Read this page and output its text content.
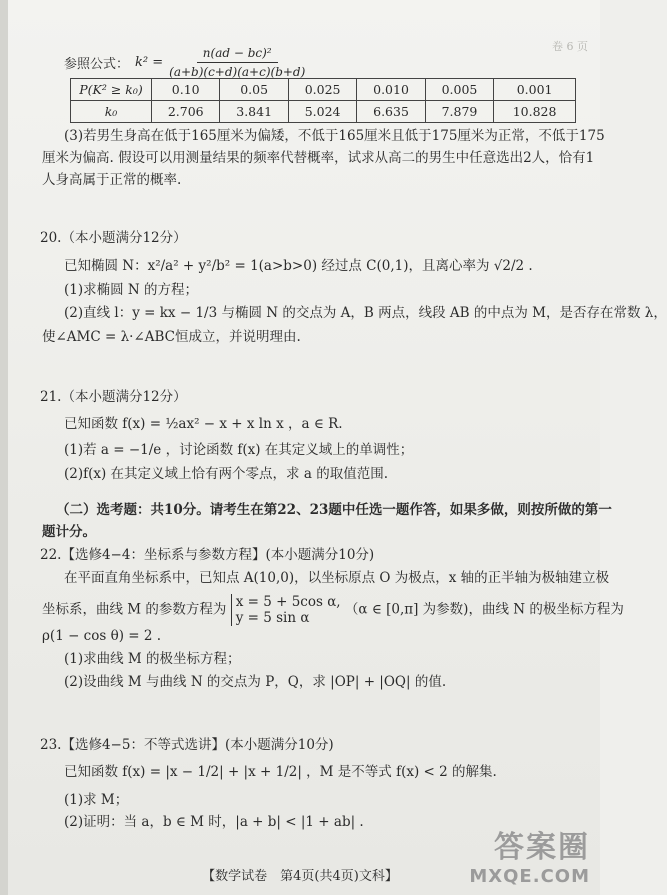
卷 6 页
参照公式： $k^2 = \frac{\text{n(ad − bc)²}}{(a+b)(c+d)(a+c)(b+d)}$
P(K² ≥ k₀)	0.10	0.05	0.025	0.010	0.005	0.001
k₀	2.706	3.841	5.024	6.635	7.879	10.828
(3)若男生身高在低于165厘米为偏矮，不低于165厘米且低于175厘米为正常，不低于175
厘米为偏高. 假设可以用测量结果的频率代替概率，试求从高二的男生中任意选出2人，恰有1
人身高属于正常的概率.
20.（本小题满分12分）
已知椭圆 N：x²/a² + y²/b² = 1(a>b>0) 经过点 C(0,1)，且离心率为 √2/2 .
(1)求椭圆 N 的方程；
(2)直线 l：y = kx − 1/3 与椭圆 N 的交点为 A，B 两点，线段 AB 的中点为 M，是否存在常数 λ，
使∠AMC = λ·∠ABC恒成立，并说明理由.
21.（本小题满分12分）
已知函数 f(x) = ½ax² − x + x ln x ，a ∈ R.
(1)若 a = −1/e ，讨论函数 f(x) 在其定义域上的单调性；
(2)f(x) 在其定义域上恰有两个零点，求 a 的取值范围.
（二）选考题：共10分。请考生在第22、23题中任选一题作答，如果多做，则按所做的第一
题计分。
22.【选修4−4：坐标系与参数方程】(本小题满分10分)
在平面直角坐标系中，已知点 A(10,0)，以坐标原点 O 为极点，x 轴的正半轴为极轴建立极
坐标系，曲线 M 的参数方程为 x = 5 + 5cos α,
y = 5 sin α （α ∈ [0,π] 为参数)，曲线 N 的极坐标方程为
ρ(1 − cos θ) = 2 .
(1)求曲线 M 的极坐标方程；
(2)设曲线 M 与曲线 N 的交点为 P，Q，求 |OP| + |OQ| 的值.
23.【选修4−5：不等式选讲】(本小题满分10分)
已知函数 f(x) = |x − 1/2| + |x + 1/2| ，M 是不等式 f(x) < 2 的解集.
(1)求 M；
(2)证明：当 a，b ∈ M 时，|a + b| < |1 + ab| .
【数学试卷　第4页(共4页)文科】
答案圈
MXQE.COM
